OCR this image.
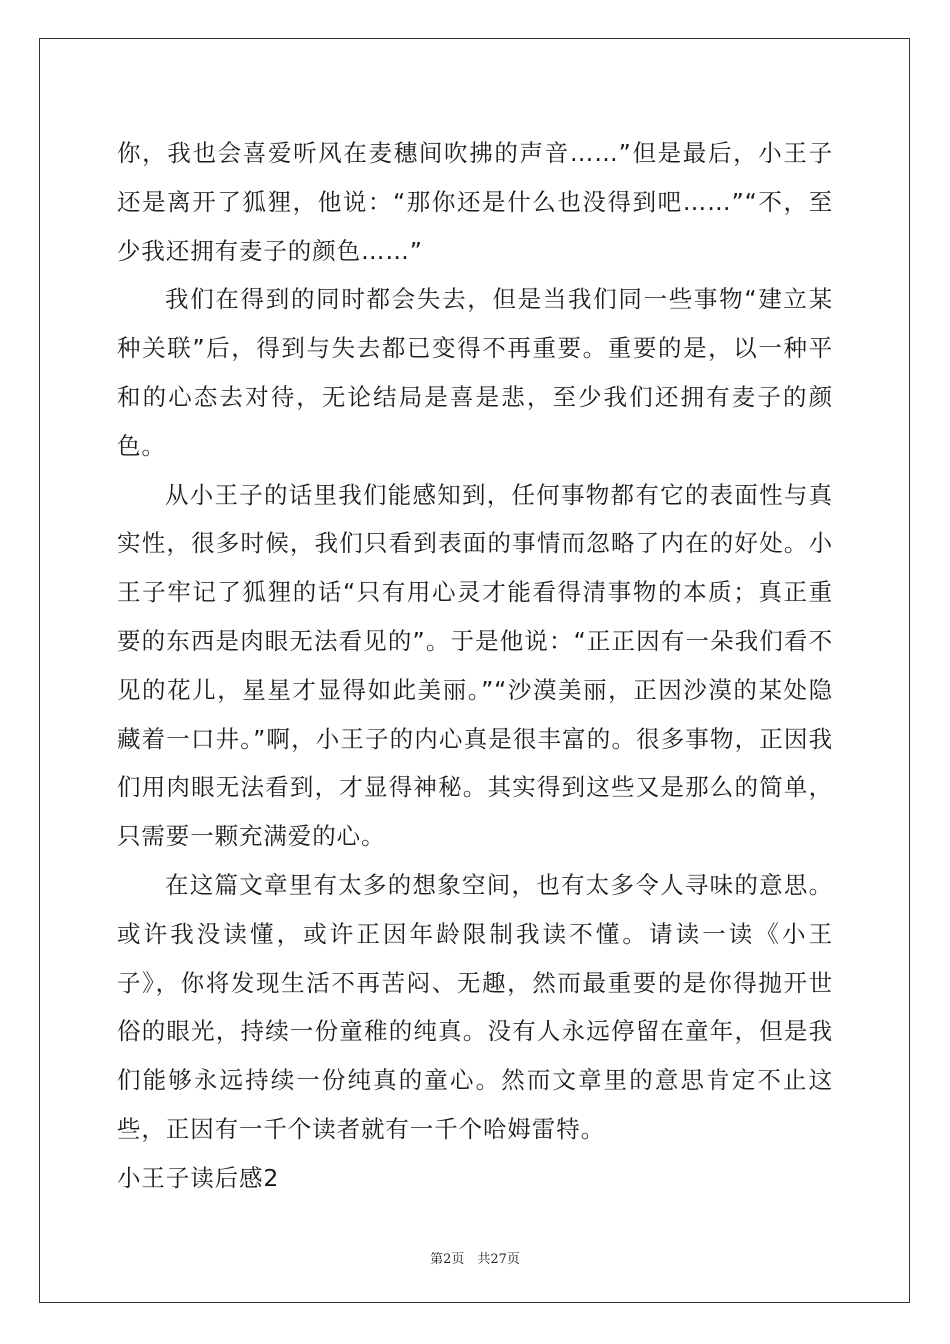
你，我也会喜爱听风在麦穗间吹拂的声音……”但是最后，小王子还是离开了狐狸，他说：“那你还是什么也没得到吧……”“不，至少我还拥有麦子的颜色……”

我们在得到的同时都会失去，但是当我们同一些事物“建立某种关联”后，得到与失去都已变得不再重要。重要的是，以一种平和的心态去对待，无论结局是喜是悲，至少我们还拥有麦子的颜色。

从小王子的话里我们能感知到，任何事物都有它的表面性与真实性，很多时候，我们只看到表面的事情而忽略了内在的好处。小王子牢记了狐狸的话“只有用心灵才能看得清事物的本质；真正重要的东西是肉眼无法看见的”。于是他说：“正正因有一朵我们看不见的花儿，星星才显得如此美丽。”“沙漠美丽，正因沙漠的某处隐藏着一口井。”啊，小王子的内心真是很丰富的。很多事物，正因我们用肉眼无法看到，才显得神秘。其实得到这些又是那么的简单，只需要一颗充满爱的心。

在这篇文章里有太多的想象空间，也有太多令人寻味的意思。或许我没读懂，或许正因年龄限制我读不懂。请读一读《小王子》，你将发现生活不再苦闷、无趣，然而最重要的是你得抛开世俗的眼光，持续一份童稚的纯真。没有人永远停留在童年，但是我们能够永远持续一份纯真的童心。然而文章里的意思肯定不止这些，正因有一千个读者就有一千个哈姆雷特。

小王子读后感2

第2页　共27页
